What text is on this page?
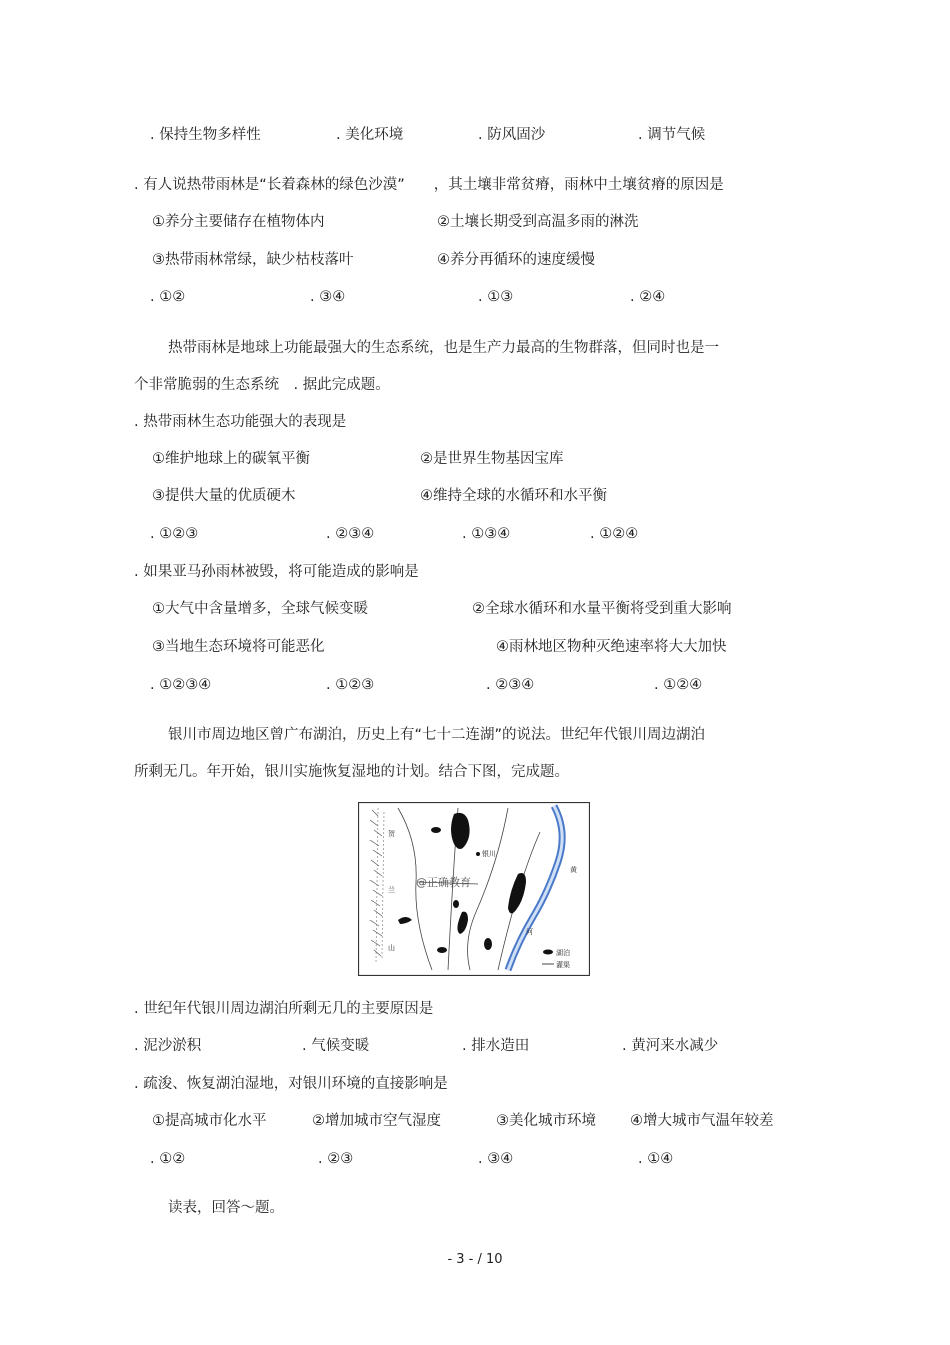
. 保持生物多样性	. 美化环境	. 防风固沙	. 调节气候
. 有人说热带雨林是“长着森林的绿色沙漠”　　，其土壤非常贫瘠，雨林中土壤贫瘠的原因是
①养分主要储存在植物体内	②土壤长期受到高温多雨的淋洗
③热带雨林常绿，缺少枯枝落叶	④养分再循环的速度缓慢
. ①②	. ③④	. ①③	. ②④
热带雨林是地球上功能最强大的生态系统，也是生产力最高的生物群落，但同时也是一
个非常脆弱的生态系统　. 据此完成题。
. 热带雨林生态功能强大的表现是
①维护地球上的碳氧平衡	②是世界生物基因宝库
③提供大量的优质硬木	④维持全球的水循环和水平衡
. ①②③	. ②③④	. ①③④	. ①②④
. 如果亚马孙雨林被毁，将可能造成的影响是
①大气中含量增多，全球气候变暖	②全球水循环和水量平衡将受到重大影响
③当地生态环境将可能恶化	④雨林地区物种灭绝速率将大大加快
. ①②③④	. ①②③	. ②③④	. ①②④
银川市周边地区曾广布湖泊，历史上有“七十二连湖”的说法。世纪年代银川周边湖泊
所剩无几。年开始，银川实施恢复湿地的计划。结合下图，完成题。
银川
@正确教育
贺
兰
山
黄
河
湖泊
灌渠
. 世纪年代银川周边湖泊所剩无几的主要原因是
. 泥沙淤积	. 气候变暖	. 排水造田	. 黄河来水减少
. 疏浚、恢复湖泊湿地，对银川环境的直接影响是
①提高城市化水平	②增加城市空气湿度	③美化城市环境 ④增大城市气温年较差
. ①②	. ②③	. ③④	. ①④
读表，回答～题。
- 3 - / 10
